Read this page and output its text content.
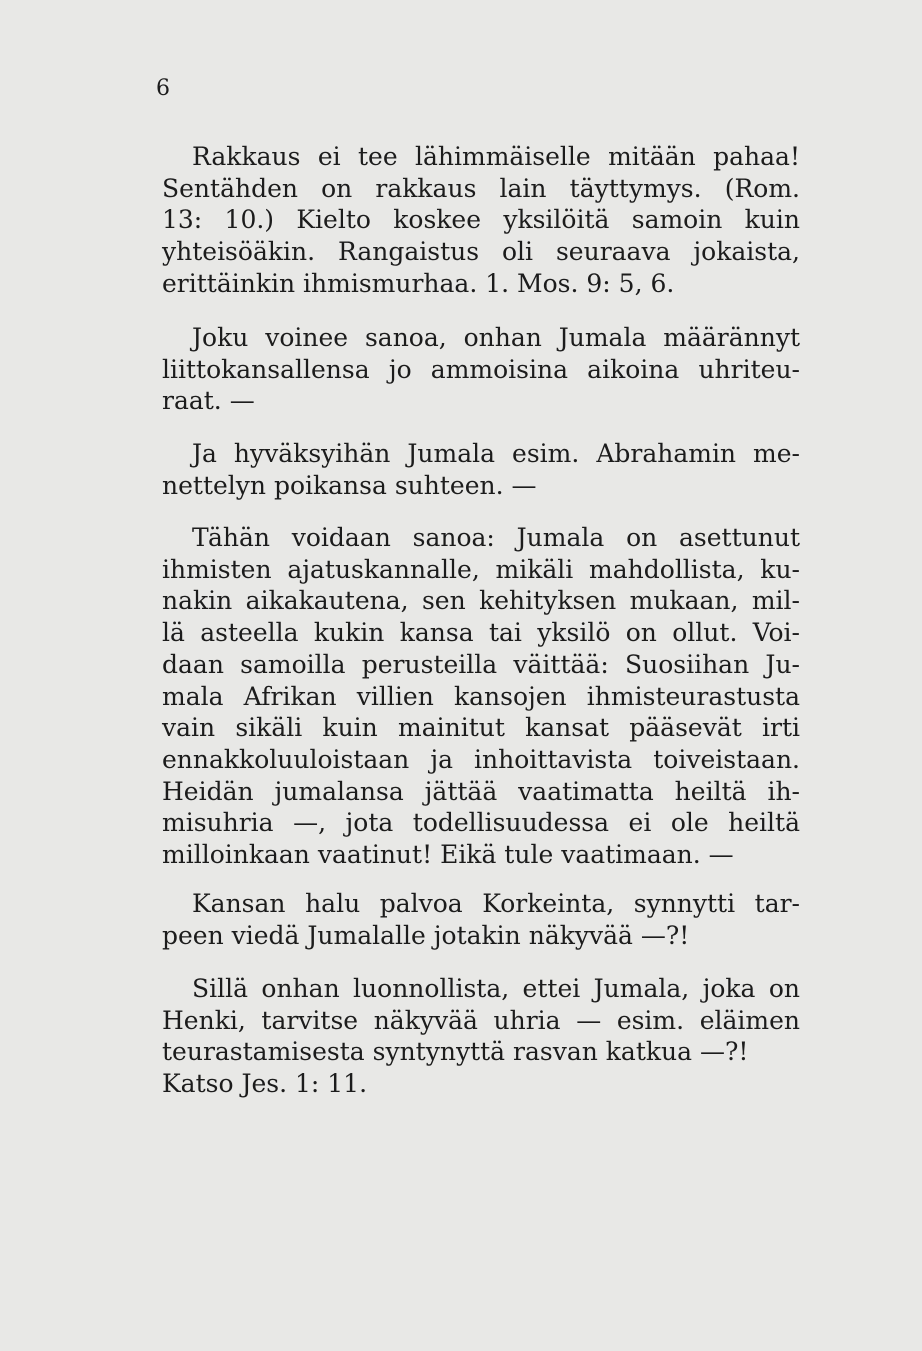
6
Rakkaus ei tee lähimmäiselle mitään pahaa!
Sentähden on rakkaus lain täyttymys. (Rom.
13: 10.) Kielto koskee yksilöitä samoin kuin
yhteisöäkin. Rangaistus oli seuraava jokaista,
erittäinkin ihmismurhaa. 1. Mos. 9: 5, 6.
Joku voinee sanoa, onhan Jumala määrännyt
liittokansallensa jo ammoisina aikoina uhriteu-
raat. —
Ja hyväksyihän Jumala esim. Abrahamin me-
nettelyn poikansa suhteen. —
Tähän voidaan sanoa: Jumala on asettunut
ihmisten ajatuskannalle, mikäli mahdollista, ku-
nakin aikakautena, sen kehityksen mukaan, mil-
lä asteella kukin kansa tai yksilö on ollut. Voi-
daan samoilla perusteilla väittää: Suosiihan Ju-
mala Afrikan villien kansojen ihmisteurastusta
vain sikäli kuin mainitut kansat pääsevät irti
ennakkoluuloistaan ja inhoittavista toiveistaan.
Heidän jumalansa jättää vaatimatta heiltä ih-
misuhria —, jota todellisuudessa ei ole heiltä
milloinkaan vaatinut! Eikä tule vaatimaan. —
Kansan halu palvoa Korkeinta, synnytti tar-
peen viedä Jumalalle jotakin näkyvää —?!
Sillä onhan luonnollista, ettei Jumala, joka on
Henki, tarvitse näkyvää uhria — esim. eläimen
teurastamisesta syntynyttä rasvan katkua —?!
Katso Jes. 1: 11.
